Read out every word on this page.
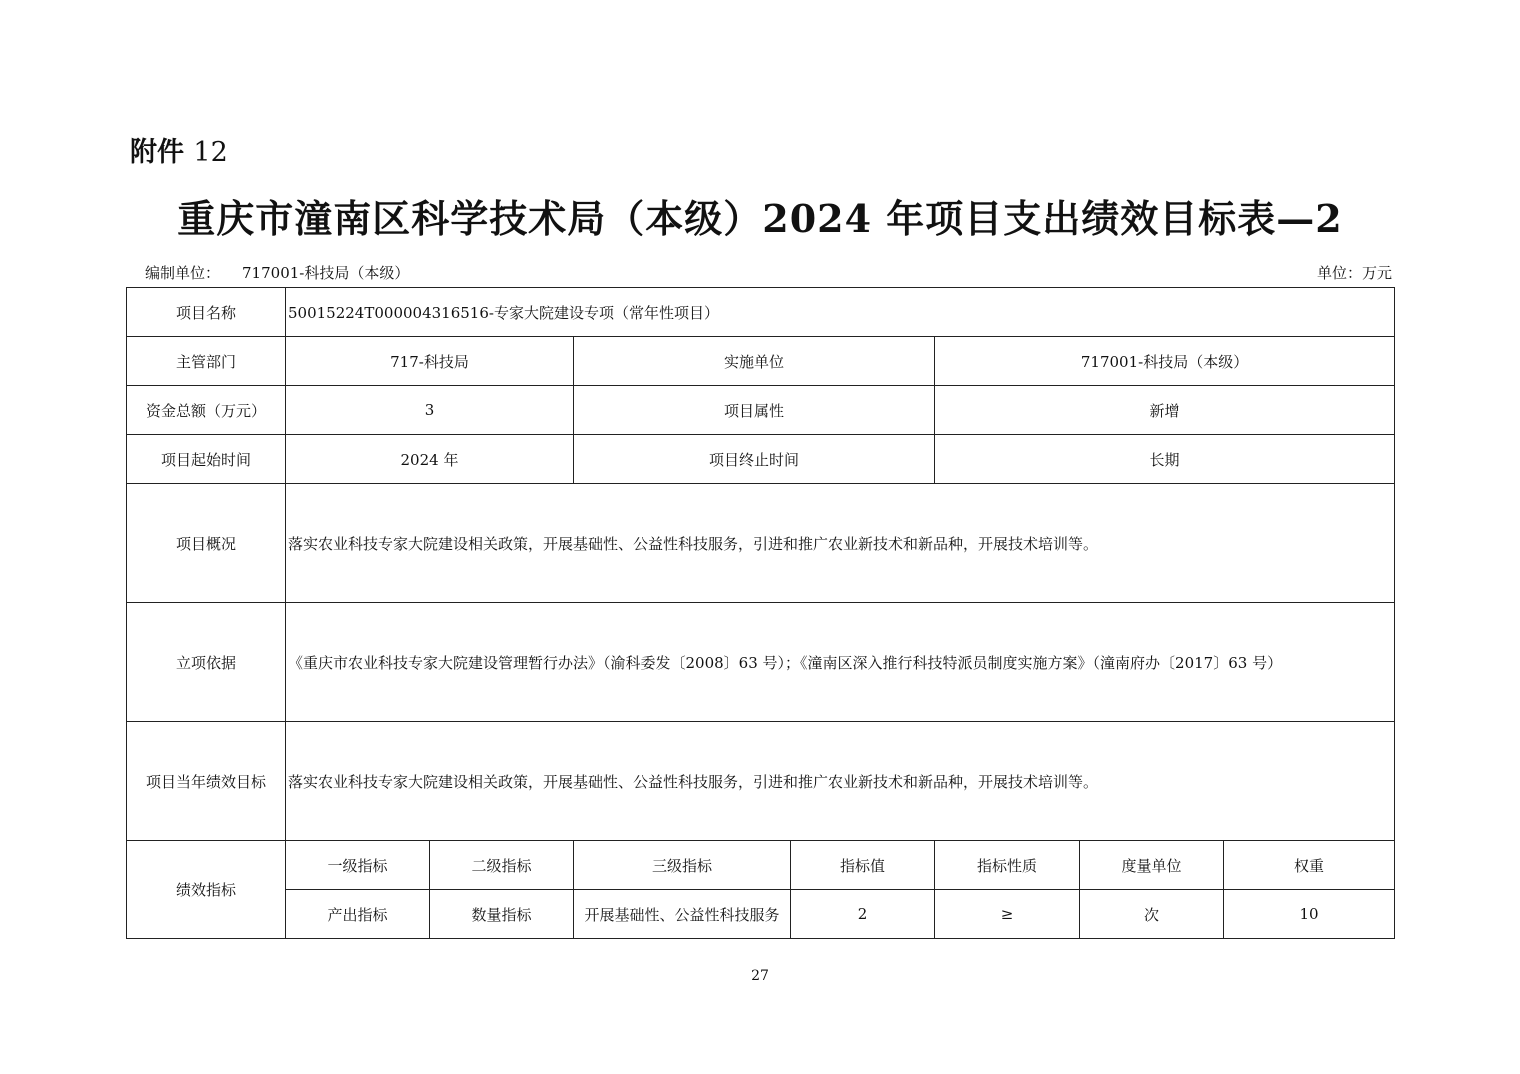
附件 12
重庆市潼南区科学技术局（本级）2024 年项目支出绩效目标表—2
编制单位： 717001-科技局（本级）	单位：万元
项目名称	50015224T000004316516-专家大院建设专项（常年性项目）						
主管部门	717-科技局		实施单位		717001-科技局（本级）		
资金总额（万元）	3		项目属性		新增		
项目起始时间	2024 年		项目终止时间		长期		
项目概况	落实农业科技专家大院建设相关政策，开展基础性、公益性科技服务，引进和推广农业新技术和新品种，开展技术培训等。						
立项依据	《重庆市农业科技专家大院建设管理暂行办法》（渝科委发〔2008〕63 号）；《潼南区深入推行科技特派员制度实施方案》（潼南府办〔2017〕63 号）						
项目当年绩效目标	落实农业科技专家大院建设相关政策，开展基础性、公益性科技服务，引进和推广农业新技术和新品种，开展技术培训等。						
绩效指标	一级指标	二级指标	三级指标	指标值	指标性质	度量单位	权重
	产出指标	数量指标	开展基础性、公益性科技服务	2	≥	次	10
27
